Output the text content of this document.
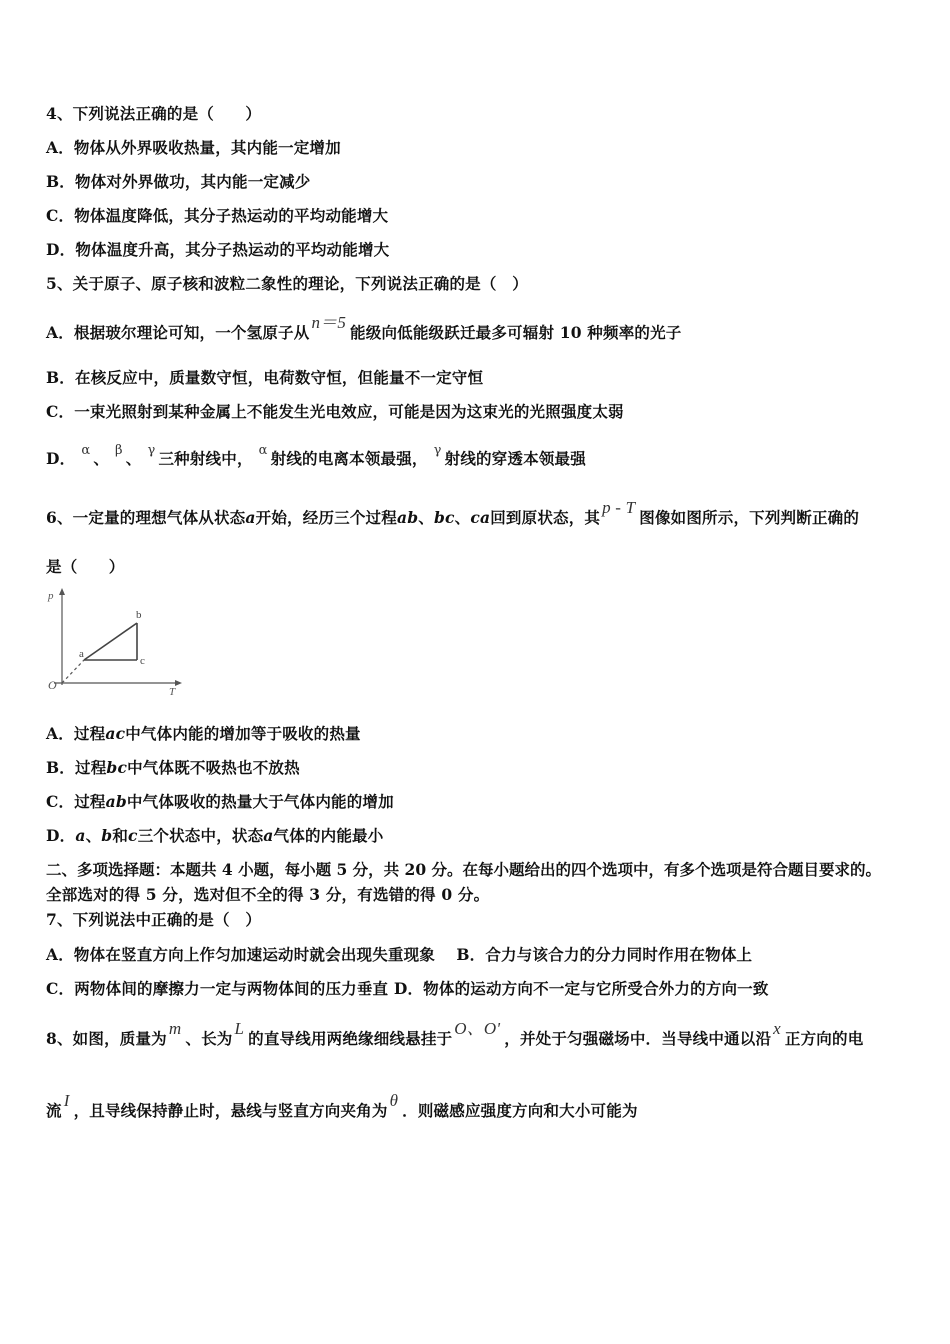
4、下列说法正确的是（　　）
A．物体从外界吸收热量，其内能一定增加
B．物体对外界做功，其内能一定减少
C．物体温度降低，其分子热运动的平均动能增大
D．物体温度升高，其分子热运动的平均动能增大
5、关于原子、原子核和波粒二象性的理论，下列说法正确的是（　）
A．根据玻尔理论可知，一个氢原子从n＝5能级向低能级跃迁最多可辐射 10 种频率的光子
B．在核反应中，质量数守恒，电荷数守恒，但能量不一定守恒
C．一束光照射到某种金属上不能发生光电效应，可能是因为这束光的光照强度太弱
D． $^\alpha$ 、 $^\beta$ 、 $^\gamma$ 三种射线中， $^\alpha$ 射线的电离本领最强， $^\gamma$ 射线的穿透本领最强
6、一定量的理想气体从状态a开始，经历三个过程ab、bc、ca回到原状态，其p - T图像如图所示，下列判断正确的
是（　　）
p
T
O
a
b
c
A．过程ac中气体内能的增加等于吸收的热量
B．过程bc中气体既不吸热也不放热
C．过程ab中气体吸收的热量大于气体内能的增加
D．a、b和c三个状态中，状态a气体的内能最小
二、多项选择题：本题共 4 小题，每小题 5 分，共 20 分。在每小题给出的四个选项中，有多个选项是符合题目要求的。
全部选对的得 5 分，选对但不全的得 3 分，有选错的得 0 分。
7、下列说法中正确的是（　）
A．物体在竖直方向上作匀加速运动时就会出现失重现象　 B．合力与该合力的分力同时作用在物体上
C．两物体间的摩擦力一定与两物体间的压力垂直 D．物体的运动方向不一定与它所受合外力的方向一致
8、如图，质量为m、长为L的直导线用两绝缘细线悬挂于O、O'，并处于匀强磁场中．当导线中通以沿x正方向的电
流I，且导线保持静止时，悬线与竖直方向夹角为θ．则磁感应强度方向和大小可能为
